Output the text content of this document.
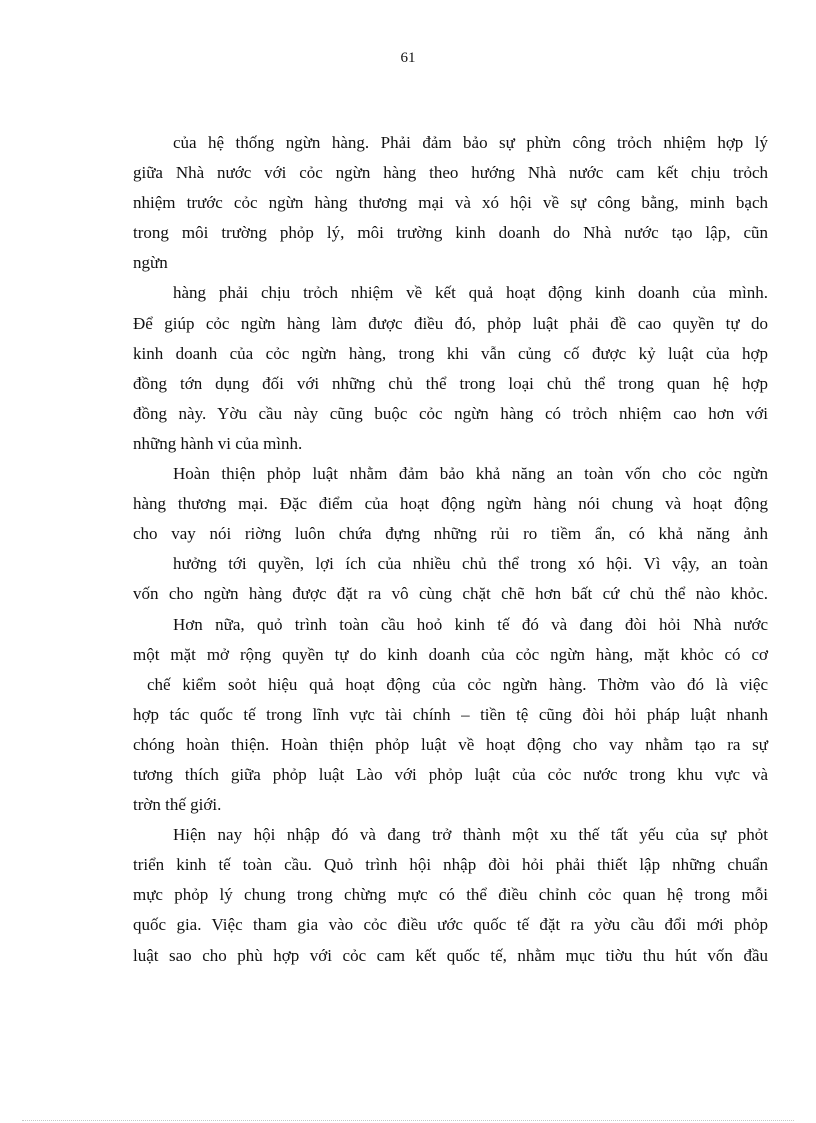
61
của hệ thống ngừn hàng. Phải đảm bảo sự phừn công trỏch nhiệm hợp lý
giữa Nhà nước với cỏc ngừn hàng theo hướng Nhà nước cam kết chịu trỏch
nhiệm trước cỏc ngừn hàng thương mại và xó hội về sự công bằng, minh bạch
trong môi trường phỏp lý, môi trường kinh doanh do Nhà nước tạo lập, cũn
ngừn
hàng phải chịu trỏch nhiệm về kết quả hoạt động kinh doanh của mình.
Để giúp cỏc ngừn hàng làm được điều đó, phỏp luật phải đề cao quyền tự do
kinh doanh của cỏc ngừn hàng, trong khi vẫn củng cố được kỷ luật của hợp
đồng tớn dụng đối với những chủ thể trong loại chủ thể trong quan hệ hợp
đồng này. Yờu cầu này cũng buộc cỏc ngừn hàng có trỏch nhiệm cao hơn với
những hành vi của mình.
Hoàn thiện phỏp luật nhằm đảm bảo khả năng an toàn vốn cho cỏc ngừn
hàng thương mại. Đặc điểm của hoạt động ngừn hàng nói chung và hoạt động
cho vay nói riờng luôn chứa đựng những rủi ro tiềm ẩn, có khả năng ảnh
hưởng tới quyền, lợi ích của nhiều chủ thể trong xó hội. Vì vậy, an toàn
vốn cho ngừn hàng được đặt ra vô cùng chặt chẽ hơn bất cứ chủ thể nào khỏc.
Hơn nữa, quỏ trình toàn cầu hoỏ kinh tế đó và đang đòi hỏi Nhà nước
một mặt mở rộng quyền tự do kinh doanh của cỏc ngừn hàng, mặt khỏc có cơ
chế kiểm soỏt hiệu quả hoạt động của cỏc ngừn hàng. Thờm vào đó là việc
hợp tác quốc tế trong lĩnh vực tài chính – tiền tệ cũng đòi hỏi pháp luật nhanh
chóng hoàn thiện. Hoàn thiện phỏp luật về hoạt động cho vay nhằm tạo ra sự
tương thích giữa phỏp luật Lào với phỏp luật của cỏc nước trong khu vực và
trờn thế giới.
Hiện nay hội nhập đó và đang trở thành một xu thế tất yếu của sự phỏt
triển kinh tế toàn cầu. Quỏ trình hội nhập đòi hỏi phải thiết lập những chuẩn
mực phỏp lý chung trong chừng mực có thể điều chỉnh cỏc quan hệ trong mỗi
quốc gia. Việc tham gia vào cỏc điều ước quốc tế đặt ra yờu cầu đổi mới phỏp
luật sao cho phù hợp với cỏc cam kết quốc tế, nhằm mục tiờu thu hút vốn đầu
